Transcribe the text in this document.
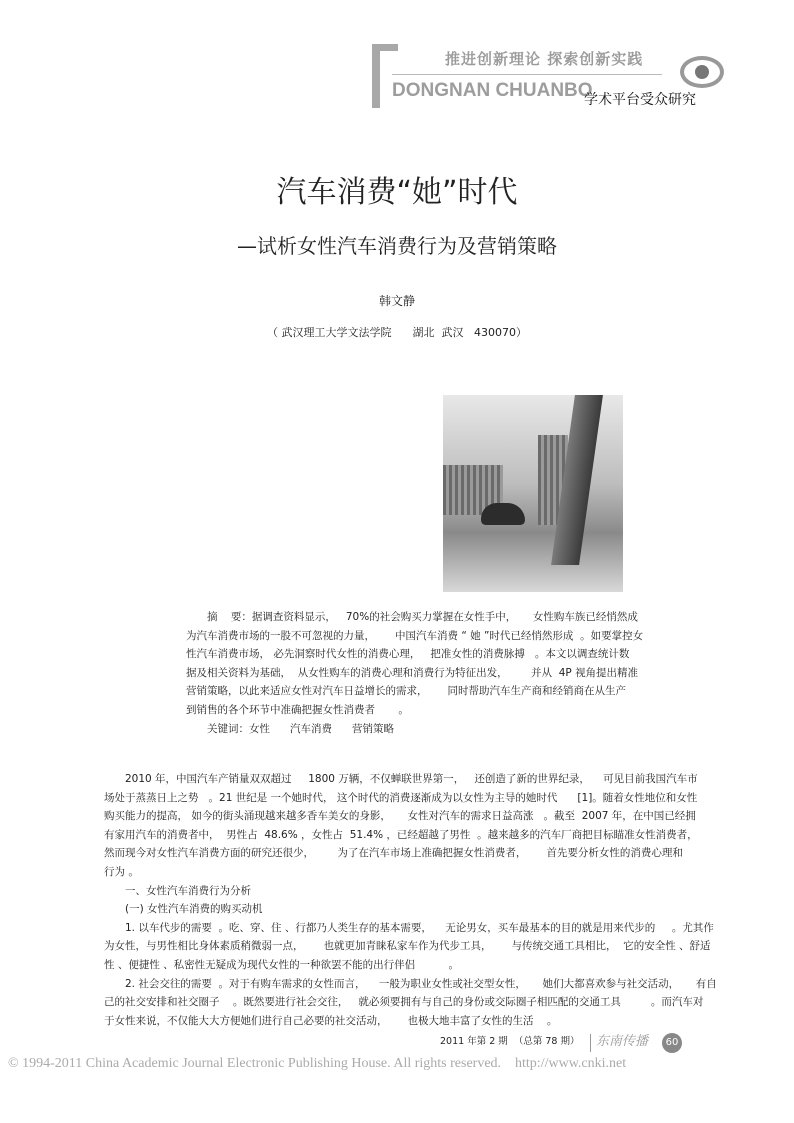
推进创新理论 探索创新实践
DONGNAN CHUANBO
学术平台受众研究
汽车消费“她”时代
—试析女性汽车消费行为及营销策略
韩文静
（ 武汉理工大学文法学院      湖北  武汉   430070）
摘    要：据调查资料显示，   70%的社会购买力掌握在女性手中，     女性购车族已经悄然成
为汽车消费市场的一股不可忽视的力量，      中国汽车消费 “ 她 ”时代已经悄然形成  。如要掌控女
性汽车消费市场， 必先洞察时代女性的消费心理，   把准女性的消费脉搏   。本文以调查统计数
据及相关资料为基础，  从女性购车的消费心理和消费行为特征出发，       并从  4P 视角提出精准
营销策略，以此来适应女性对汽车日益增长的需求，      同时帮助汽车生产商和经销商在从生产
到销售的各个环节中准确把握女性消费者       。
关键词：女性      汽车消费      营销策略
2010 年，中国汽车产销量双双超过     1800 万辆，不仅蝉联世界第一，   还创造了新的世界纪录，    可见目前我国汽车市
场处于蒸蒸日上之势   。21 世纪是 一个她时代， 这个时代的消费逐渐成为以女性为主导的她时代      [1]。随着女性地位和女性
购买能力的提高， 如今的街头涌现越来越多香车美女的身影，     女性对汽车的需求日益高涨   。截至  2007 年，在中国已经拥
有家用汽车的消费者中，  男性占  48.6% ，女性占  51.4% ，已经超越了男性  。越来越多的汽车厂商把目标瞄准女性消费者，
然而现今对女性汽车消费方面的研究还很少，       为了在汽车市场上准确把握女性消费者，      首先要分析女性的消费心理和
行为 。
一、女性汽车消费行为分析
(一) 女性汽车消费的购买动机
1. 以车代步的需要  。吃、穿、住 、行都乃人类生存的基本需要，    无论男女，买车最基本的目的就是用来代步的     。尤其作
为女性，与男性相比身体素质稍微弱一点，      也就更加青睐私家车作为代步工具，      与传统交通工具相比，  它的安全性 、舒适
性 、便捷性 、私密性无疑成为现代女性的一种欲罢不能的出行伴侣          。
2. 社会交往的需要  。对于有购车需求的女性而言，    一般为职业女性或社交型女性，     她们大都喜欢参与社交活动，     有自
己的社交安排和社交圈子    。既然要进行社会交往，   就必须要拥有与自己的身份或交际圈子相匹配的交通工具         。而汽车对
于女性来说，不仅能大大方便她们进行自己必要的社交活动，      也极大地丰富了女性的生活    。
2011 年第 2 期  （总第 78 期） 东南传播	60
© 1994-2011 China Academic Journal Electronic Publishing House. All rights reserved.    http://www.cnki.net
